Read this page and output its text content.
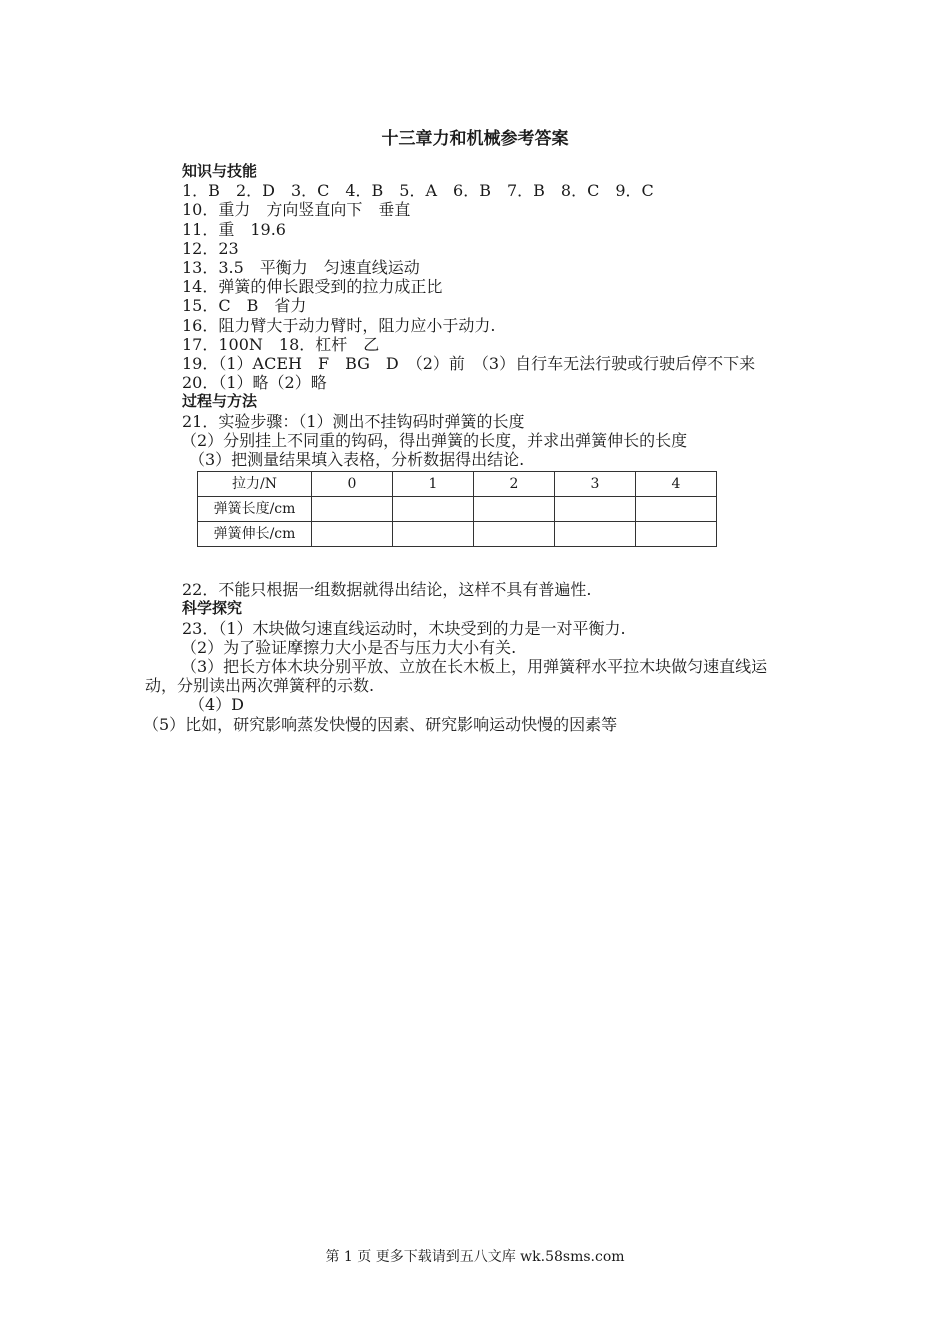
十三章力和机械参考答案
知识与技能
1．B　2．D　3．C　4．B　5．A　6．B　7．B　8．C　9．C
10．重力　方向竖直向下　垂直
11．重　19.6
12．23
13．3.5　平衡力　匀速直线运动
14．弹簧的伸长跟受到的拉力成正比
15．C　B　省力
16．阻力臂大于动力臂时，阻力应小于动力.
17．100N　18．杠杆　乙
19．（1）ACEH　F　BG　D　（2）前　（3）自行车无法行驶或行驶后停不下来
20．（1）略（2）略
过程与方法
21．实验步骤：（1）测出不挂钩码时弹簧的长度
（2）分别挂上不同重的钩码，得出弹簧的长度，并求出弹簧伸长的长度
（3）把测量结果填入表格，分析数据得出结论.
拉力/N	0	1	2	3	4
弹簧长度/cm					
弹簧伸长/cm					
22．不能只根据一组数据就得出结论，这样不具有普遍性.
科学探究
23．（1）木块做匀速直线运动时，木块受到的力是一对平衡力.
（2）为了验证摩擦力大小是否与压力大小有关.
（3）把长方体木块分别平放、立放在长木板上，用弹簧秤水平拉木块做匀速直线运动，分别读出两次弹簧秤的示数.
（4）D
（5）比如，研究影响蒸发快慢的因素、研究影响运动快慢的因素等
第 1 页 更多下载请到五八文库 wk.58sms.com
